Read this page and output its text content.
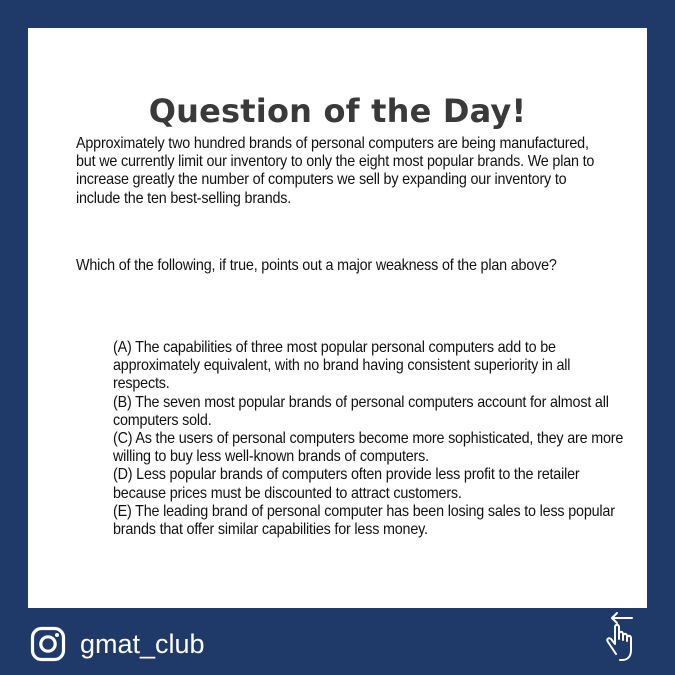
Question of the Day!
Approximately two hundred brands of personal computers are being manufactured, but we currently limit our inventory to only the eight most popular brands. We plan to increase greatly the number of computers we sell by expanding our inventory to include the ten best-selling brands.
Which of the following, if true, points out a major weakness of the plan above?
(A) The capabilities of three most popular personal computers add to be approximately equivalent, with no brand having consistent superiority in all respects.
(B) The seven most popular brands of personal computers account for almost all computers sold.
(C) As the users of personal computers become more sophisticated, they are more willing to buy less well-known brands of computers.
(D) Less popular brands of computers often provide less profit to the retailer because prices must be discounted to attract customers.
(E) The leading brand of personal computer has been losing sales to less popular brands that offer similar capabilities for less money.
gmat_club
